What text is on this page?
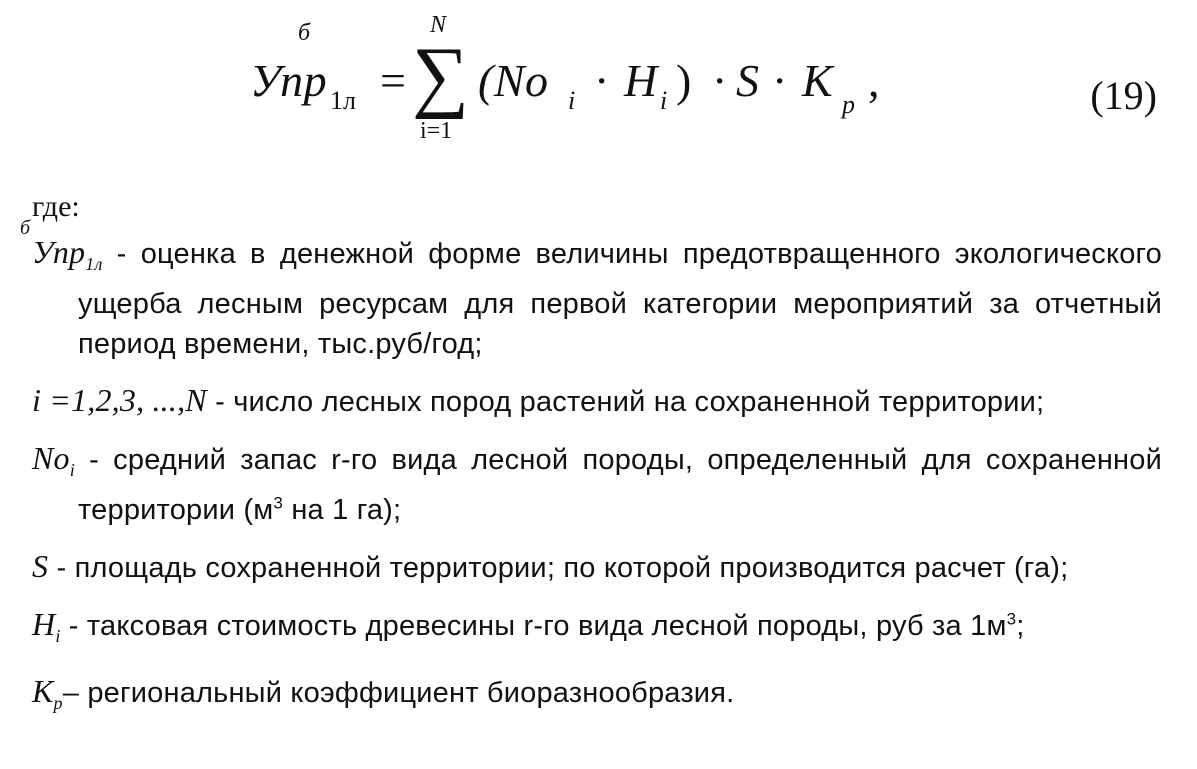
б
Упр 1л =
N
∑
i=1
(No i · H i ) · S · K p ,	(19)
где:
б
Упр$_{1л}$ - оценка в денежной форме величины предотвращенного экологического ущерба лесным ресурсам для первой категории мероприятий за отчетный период времени, тыс.руб/год;
i =1,2,3, ...,N - число лесных пород растений на сохраненной территории;
$No_i$ - средний запас r-го вида лесной породы, определенный для сохраненной территории ($м^3$ на 1 га);
S - площадь сохраненной территории; по которой производится расчет (га);
$H_i$ - таксовая стоимость древесины r-го вида лесной породы, руб за $1м^3$;
$K_p-$ региональный коэффициент биоразнообразия.
